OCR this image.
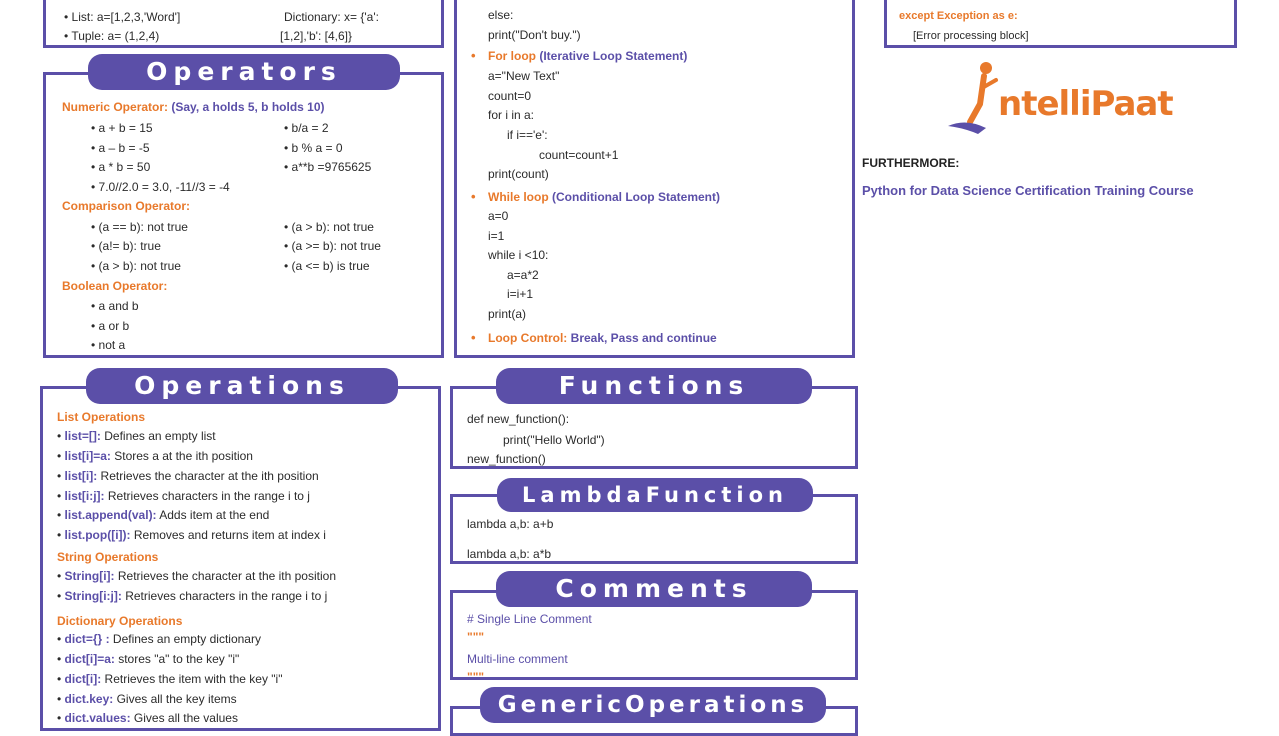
• List: a=[1,2,3,'Word']	Dictionary: x= {'a':
• Tuple: a= (1,2,4)	[1,2],'b': [4,6]}
Numeric Operator: (Say, a holds 5, b holds 10)
• a + b = 15
• a – b = -5
• a * b = 50
• 7.0//2.0 = 3.0, -11//3 = -4
• b/a = 2
• b % a = 0
• a**b =9765625
Comparison Operator:
• (a == b): not true
• (a!= b): true
• (a > b): not true
• (a > b): not true
• (a >= b): not true
• (a <= b) is true
Boolean Operator:
• a and b
• a or b
• not a
Operators
else:
print("Don't buy.")
• For loop (Iterative Loop Statement)
a="New Text"
count=0
for i in a:
if i=='e':
count=count+1
print(count)
• While loop (Conditional Loop Statement)
a=0
i=1
while i <10:
a=a*2
i=i+1
print(a)
• Loop Control: Break, Pass and continue
except Exception as e:
[Error processing block]
ntelliPaat
FURTHERMORE:
Python for Data Science Certification Training Course
List Operations
• list=[]: Defines an empty list
• list[i]=a: Stores a at the ith position
• list[i]: Retrieves the character at the ith position
• list[i:j]: Retrieves characters in the range i to j
• list.append(val): Adds item at the end
• list.pop([i]): Removes and returns item at index i
String Operations
• String[i]: Retrieves the character at the ith position
• String[i:j]: Retrieves characters in the range i to j
Dictionary Operations
• dict={} : Defines an empty dictionary
• dict[i]=a: stores "a" to the key "i"
• dict[i]: Retrieves the item with the key "i"
• dict.key: Gives all the key items
• dict.values: Gives all the values
Operations
def new_function():
print("Hello World")
new_function()
Functions
lambda a,b: a+b
lambda a,b: a*b
LambdaFunction
# Single Line Comment
"""
Multi-line comment
"""
Comments
GenericOperations
